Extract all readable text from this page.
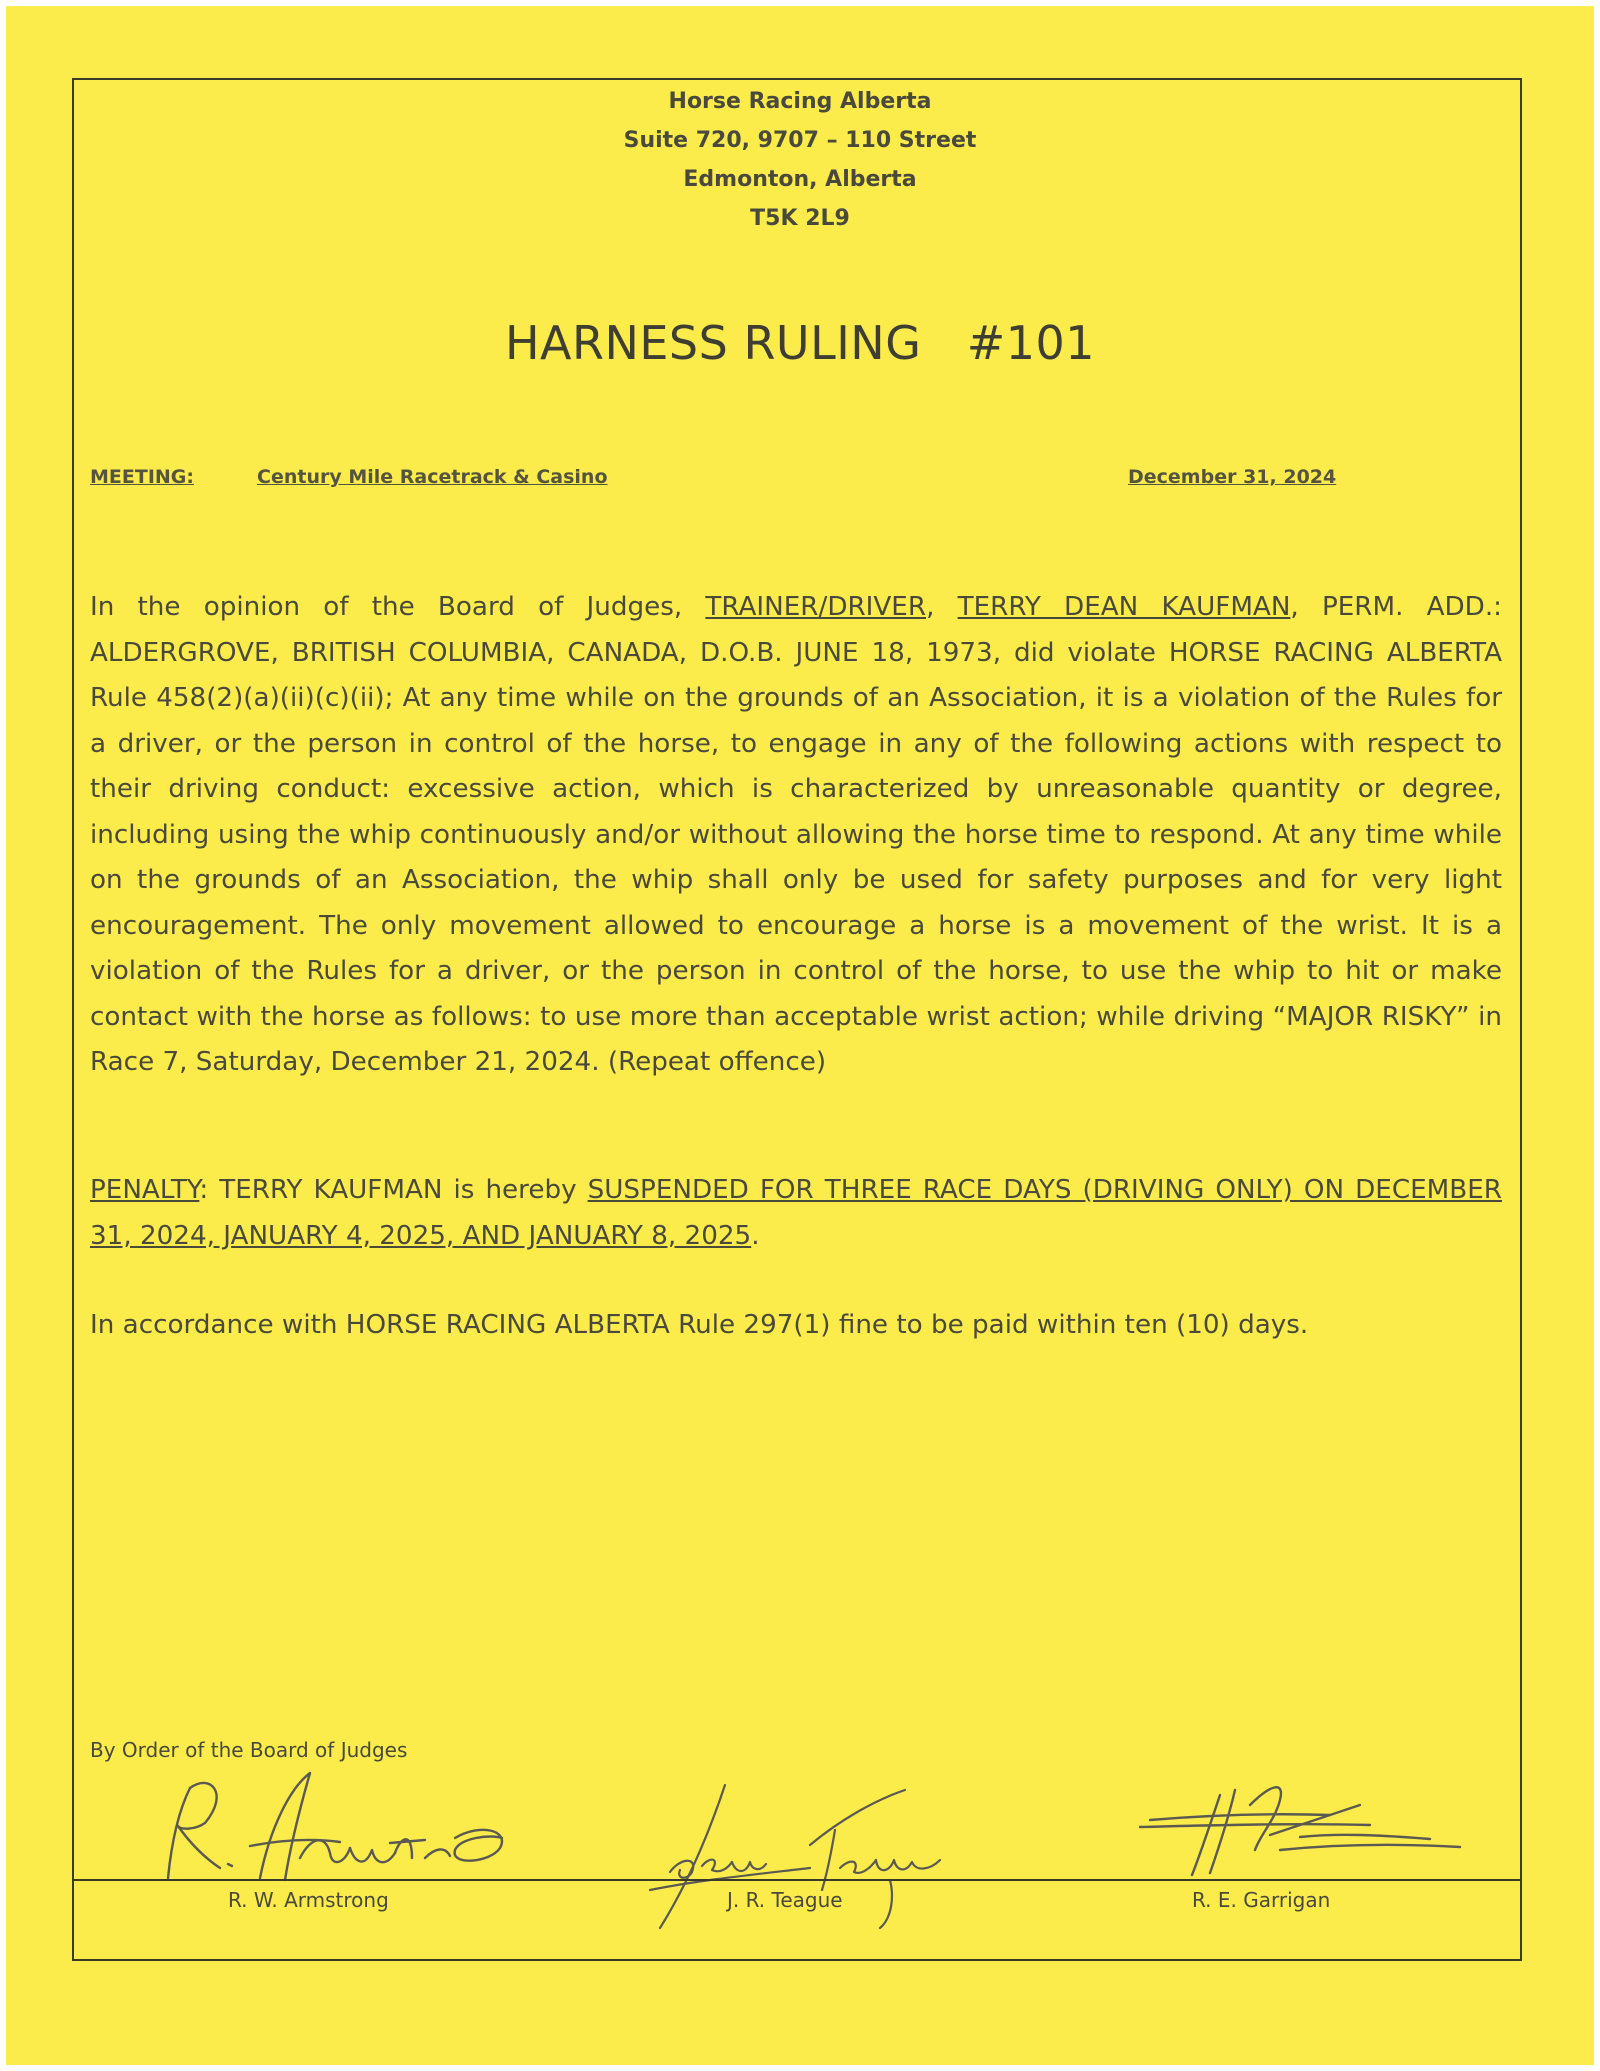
Horse Racing Alberta
Suite 720, 9707 – 110 Street
Edmonton, Alberta
T5K 2L9
HARNESS RULING   #101
MEETING:	Century Mile Racetrack & Casino	December 31, 2024

In the opinion of the Board of Judges, TRAINER/DRIVER, TERRY DEAN KAUFMAN, PERM. ADD.: ALDERGROVE, BRITISH COLUMBIA, CANADA, D.O.B. JUNE 18, 1973, did violate HORSE RACING ALBERTA Rule 458(2)(a)(ii)(c)(ii); At any time while on the grounds of an Association, it is a violation of the Rules for a driver, or the person in control of the horse, to engage in any of the following actions with respect to their driving conduct: excessive action, which is characterized by unreasonable quantity or degree, including using the whip continuously and/or without allowing the horse time to respond. At any time while on the grounds of an Association, the whip shall only be used for safety purposes and for very light encouragement. The only movement allowed to encourage a horse is a movement of the wrist. It is a violation of the Rules for a driver, or the person in control of the horse, to use the whip to hit or make contact with the horse as follows: to use more than acceptable wrist action; while driving “MAJOR RISKY” in Race 7, Saturday, December 21, 2024. (Repeat offence)

PENALTY: TERRY KAUFMAN is hereby SUSPENDED FOR THREE RACE DAYS (DRIVING ONLY) ON DECEMBER 31, 2024, JANUARY 4, 2025, AND JANUARY 8, 2025.

In accordance with HORSE RACING ALBERTA Rule 297(1) fine to be paid within ten (10) days.

By Order of the Board of Judges
R. W. Armstrong	J. R. Teague	R. E. Garrigan
